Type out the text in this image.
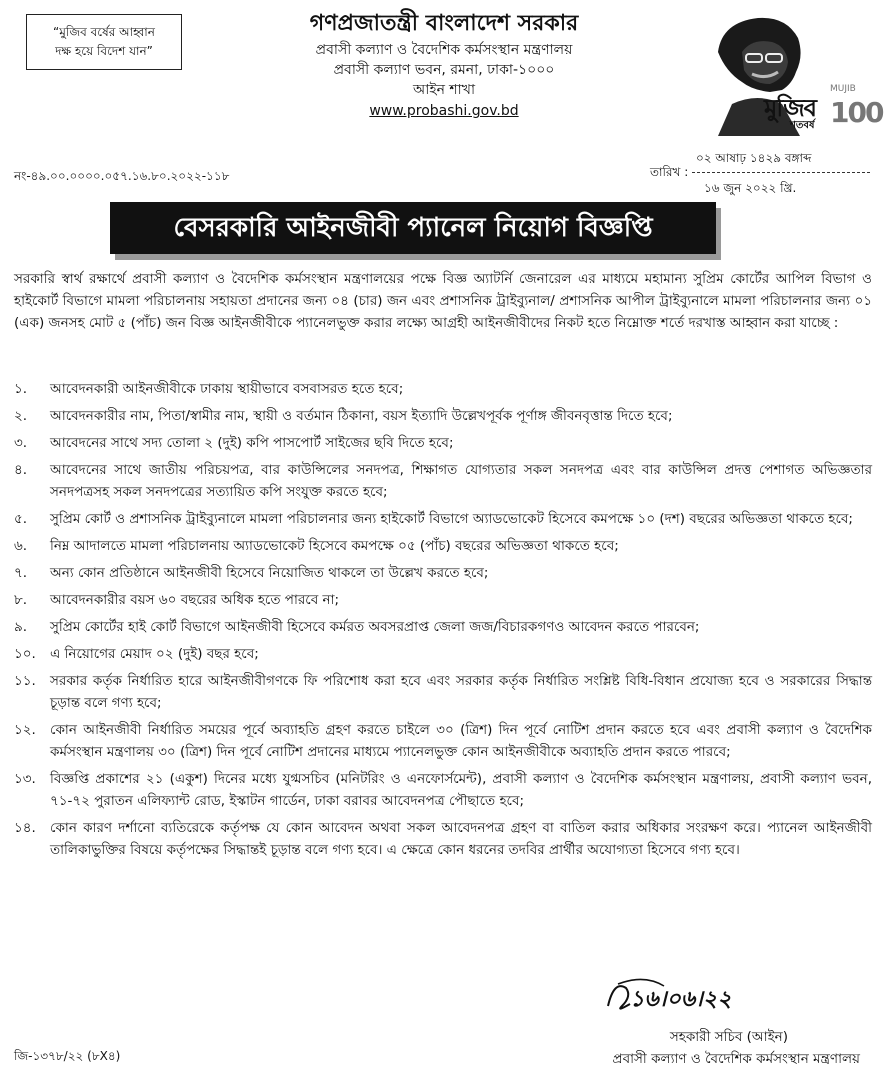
“মুজিব বর্ষের আহ্বান
দক্ষ হয়ে বিদেশ যান”
গণপ্রজাতন্ত্রী বাংলাদেশ সরকার
প্রবাসী কল্যাণ ও বৈদেশিক কর্মসংস্থান মন্ত্রণালয়
প্রবাসী কল্যাণ ভবন, রমনা, ঢাকা-১০০০
আইন শাখা
www.probashi.gov.bd
MUJIB
মুজিব
শতবর্ষ 100
নং-৪৯.০০.০০০০.০৫৭.১৬.৮০.২০২২-১১৮
০২ আষাঢ় ১৪২৯ বঙ্গাব্দ
তারিখ :
১৬ জুন ২০২২ খ্রি.
বেসরকারি আইনজীবী প্যানেল নিয়োগ বিজ্ঞপ্তি
সরকারি স্বার্থ রক্ষার্থে প্রবাসী কল্যাণ ও বৈদেশিক কর্মসংস্থান মন্ত্রণালয়ের পক্ষে বিজ্ঞ অ্যাটর্নি জেনারেল এর মাধ্যমে মহামান্য সুপ্রিম কোর্টের আপিল বিভাগ ও হাইকোর্ট বিভাগে মামলা পরিচালনায় সহায়তা প্রদানের জন্য ০৪ (চার) জন এবং প্রশাসনিক ট্রাইব্যুনাল/ প্রশাসনিক আপীল ট্রাইব্যুনালে মামলা পরিচালনার জন্য ০১ (এক) জনসহ মোট ৫ (পাঁচ) জন বিজ্ঞ আইনজীবীকে প্যানেলভুক্ত করার লক্ষ্যে আগ্রহী আইনজীবীদের নিকট হতে নিম্নোক্ত শর্তে দরখাস্ত আহ্বান করা যাচ্ছে :
১.	আবেদনকারী আইনজীবীকে ঢাকায় স্থায়ীভাবে বসবাসরত হতে হবে;
২.	আবেদনকারীর নাম, পিতা/স্বামীর নাম, স্থায়ী ও বর্তমান ঠিকানা, বয়স ইত্যাদি উল্লেখপূর্বক পূর্ণাঙ্গ জীবনবৃত্তান্ত দিতে হবে;
৩.	আবেদনের সাথে সদ্য তোলা ২ (দুই) কপি পাসপোর্ট সাইজের ছবি দিতে হবে;
৪.	আবেদনের সাথে জাতীয় পরিচয়পত্র, বার কাউন্সিলের সনদপত্র, শিক্ষাগত যোগ্যতার সকল সনদপত্র এবং বার কাউন্সিল প্রদত্ত পেশাগত অভিজ্ঞতার সনদপত্রসহ সকল সনদপত্রের সত্যায়িত কপি সংযুক্ত করতে হবে;
৫.	সুপ্রিম কোর্ট ও প্রশাসনিক ট্রাইব্যুনালে মামলা পরিচালনার জন্য হাইকোর্ট বিভাগে অ্যাডভোকেট হিসেবে কমপক্ষে ১০ (দশ) বছরের অভিজ্ঞতা থাকতে হবে;
৬.	নিম্ন আদালতে মামলা পরিচালনায় অ্যাডভোকেট হিসেবে কমপক্ষে ০৫ (পাঁচ) বছরের অভিজ্ঞতা থাকতে হবে;
৭.	অন্য কোন প্রতিষ্ঠানে আইনজীবী হিসেবে নিয়োজিত থাকলে তা উল্লেখ করতে হবে;
৮.	আবেদনকারীর বয়স ৬০ বছরের অধিক হতে পারবে না;
৯.	সুপ্রিম কোর্টের হাই কোর্ট বিভাগে আইনজীবী হিসেবে কর্মরত অবসরপ্রাপ্ত জেলা জজ/বিচারকগণও আবেদন করতে পারবেন;
১০.	এ নিয়োগের মেয়াদ ০২ (দুই) বছর হবে;
১১.	সরকার কর্তৃক নির্ধারিত হারে আইনজীবীগণকে ফি পরিশোধ করা হবে এবং সরকার কর্তৃক নির্ধারিত সংশ্লিষ্ট বিধি-বিধান প্রযোজ্য হবে ও সরকারের সিদ্ধান্ত চূড়ান্ত বলে গণ্য হবে;
১২.	কোন আইনজীবী নির্ধারিত সময়ের পূর্বে অব্যাহতি গ্রহণ করতে চাইলে ৩০ (ত্রিশ) দিন পূর্বে নোটিশ প্রদান করতে হবে এবং প্রবাসী কল্যাণ ও বৈদেশিক কর্মসংস্থান মন্ত্রণালয় ৩০ (ত্রিশ) দিন পূর্বে নোটিশ প্রদানের মাধ্যমে প্যানেলভুক্ত কোন আইনজীবীকে অব্যাহতি প্রদান করতে পারবে;
১৩.	বিজ্ঞপ্তি প্রকাশের ২১ (একুশ) দিনের মধ্যে যুগ্মসচিব (মনিটরিং ও এনফোর্সমেন্ট), প্রবাসী কল্যাণ ও বৈদেশিক কর্মসংস্থান মন্ত্রণালয়, প্রবাসী কল্যাণ ভবন, ৭১-৭২ পুরাতন এলিফ্যান্ট রোড, ইস্কাটন গার্ডেন, ঢাকা বরাবর আবেদনপত্র পৌছাতে হবে;
১৪.	কোন কারণ দর্শানো ব্যতিরেকে কর্তৃপক্ষ যে কোন আবেদন অথবা সকল আবেদনপত্র গ্রহণ বা বাতিল করার অধিকার সংরক্ষণ করে। প্যানেল আইনজীবী তালিকাভুক্তির বিষয়ে কর্তৃপক্ষের সিদ্ধান্তই চূড়ান্ত বলে গণ্য হবে। এ ক্ষেত্রে কোন ধরনের তদবির প্রার্থীর অযোগ্যতা হিসেবে গণ্য হবে।
১৬।০৬।২২
সহকারী সচিব (আইন)
প্রবাসী কল্যাণ ও বৈদেশিক কর্মসংস্থান মন্ত্রণালয়
জি-১৩৭৮/২২ (৮X৪)
